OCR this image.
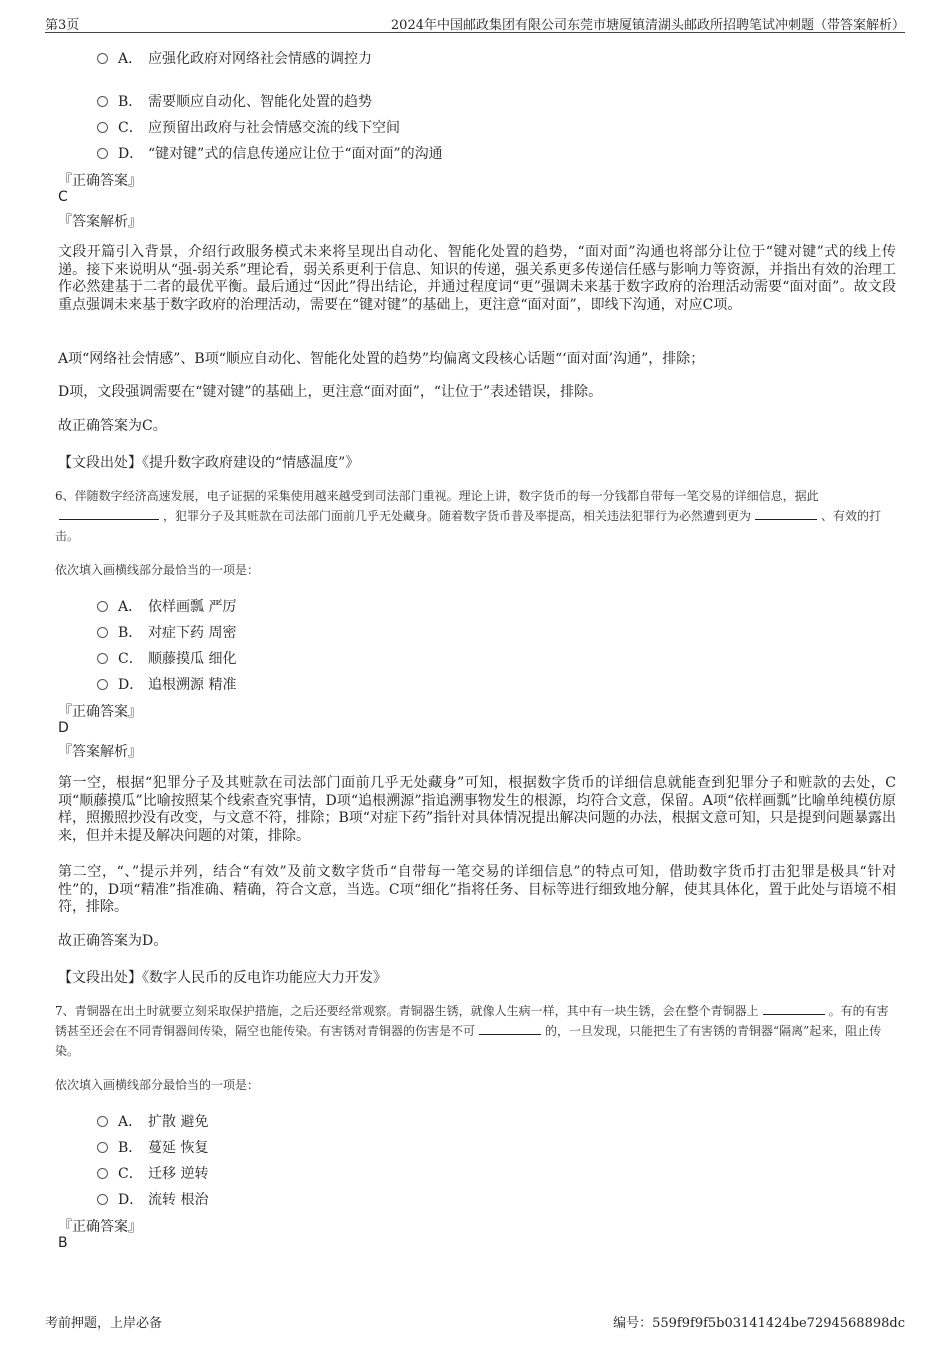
第3页	2024年中国邮政集团有限公司东莞市塘厦镇清湖头邮政所招聘笔试冲刺题（带答案解析）
A． 应强化政府对网络社会情感的调控力
B． 需要顺应自动化、智能化处置的趋势
C． 应预留出政府与社会情感交流的线下空间
D． “键对键”式的信息传递应让位于“面对面”的沟通
『正确答案』
C
『答案解析』
文段开篇引入背景，介绍行政服务模式未来将呈现出自动化、智能化处置的趋势，“面对面”沟通也将部分让位于“键对键”式的线上传递。接下来说明从“强-弱关系”理论看，弱关系更利于信息、知识的传递，强关系更多传递信任感与影响力等资源，并指出有效的治理工作必然建基于二者的最优平衡。最后通过“因此”得出结论，并通过程度词“更”强调未来基于数字政府的治理活动需要“面对面”。故文段重点强调未来基于数字政府的治理活动，需要在“键对键”的基础上，更注意“面对面”，即线下沟通，对应C项。
A项“网络社会情感”、B项“顺应自动化、智能化处置的趋势”均偏离文段核心话题“‘面对面’沟通”，排除；
D项，文段强调需要在“键对键”的基础上，更注意“面对面”，“让位于”表述错误，排除。
故正确答案为C。
【文段出处】《提升数字政府建设的“情感温度”》
6、伴随数字经济高速发展，电子证据的采集使用越来越受到司法部门重视。理论上讲，数字货币的每一分钱都自带每一笔交易的详细信息，据此，犯罪分子及其赃款在司法部门面前几乎无处藏身。随着数字货币普及率提高，相关违法犯罪行为必然遭到更为	、有效的打击。
依次填入画横线部分最恰当的一项是：
A． 依样画瓢 严厉
B． 对症下药 周密
C． 顺藤摸瓜 细化
D． 追根溯源 精准
『正确答案』
D
『答案解析』
第一空，根据“犯罪分子及其赃款在司法部门面前几乎无处藏身”可知，根据数字货币的详细信息就能查到犯罪分子和赃款的去处，C项“顺藤摸瓜”比喻按照某个线索查究事情，D项“追根溯源”指追溯事物发生的根源，均符合文意，保留。A项“依样画瓢”比喻单纯模仿原样，照搬照抄没有改变，与文意不符，排除；B项“对症下药”指针对具体情况提出解决问题的办法，根据文意可知，只是提到问题暴露出来，但并未提及解决问题的对策，排除。
第二空，“、”提示并列，结合“有效”及前文数字货币“自带每一笔交易的详细信息”的特点可知，借助数字货币打击犯罪是极具“针对性”的，D项“精准”指准确、精确，符合文意，当选。C项“细化”指将任务、目标等进行细致地分解，使其具体化，置于此处与语境不相符，排除。
故正确答案为D。
【文段出处】《数字人民币的反电诈功能应大力开发》
7、青铜器在出土时就要立刻采取保护措施，之后还要经常观察。青铜器生锈，就像人生病一样，其中有一块生锈，会在整个青铜器上	。有的有害锈甚至还会在不同青铜器间传染，隔空也能传染。有害锈对青铜器的伤害是不可	的，一旦发现，只能把生了有害锈的青铜器“隔离”起来，阻止传染。
依次填入画横线部分最恰当的一项是：
A． 扩散 避免
B． 蔓延 恢复
C． 迁移 逆转
D． 流转 根治
『正确答案』
B
考前押题，上岸必备	编号：559f9f9f5b03141424be7294568898dc
